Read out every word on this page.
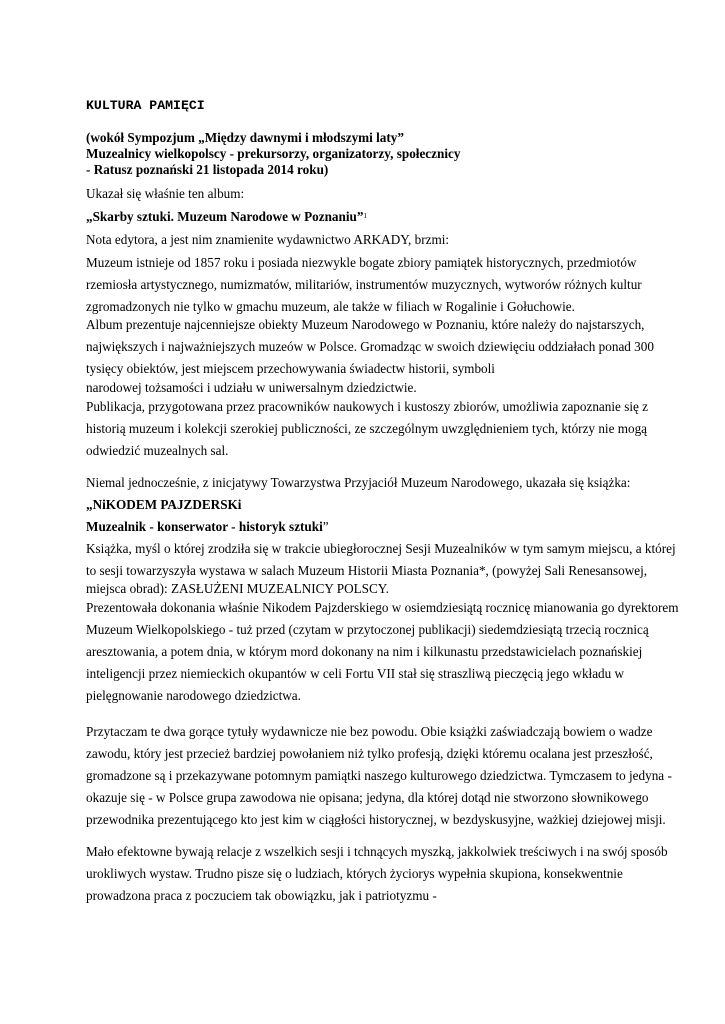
KULTURA PAMIĘCI
(wokół Sympozjum „Między dawnymi i młodszymi laty”
Muzealnicy wielkopolscy - prekursorzy, organizatorzy, społecznicy
- Ratusz poznański 21 listopada 2014 roku)
Ukazał się właśnie ten album:
„Skarby sztuki. Muzeum Narodowe w Poznaniu”$^1$
Nota edytora, a jest nim znamienite wydawnictwo ARKADY, brzmi:
Muzeum istnieje od 1857 roku i posiada niezwykle bogate zbiory pamiątek historycznych, przedmiotów
rzemiosła artystycznego, numizmatów, militariów, instrumentów muzycznych, wytworów różnych kultur
zgromadzonych nie tylko w gmachu muzeum, ale także w filiach w Rogalinie i Gołuchowie.
Album prezentuje najcenniejsze obiekty Muzeum Narodowego w Poznaniu, które należy do najstarszych,
największych i najważniejszych muzeów w Polsce. Gromadząc w swoich dziewięciu oddziałach ponad 300
tysięcy obiektów, jest miejscem przechowywania świadectw historii, symboli
narodowej tożsamości i udziału w uniwersalnym dziedzictwie.
Publikacja, przygotowana przez pracowników naukowych i kustoszy zbiorów, umożliwia zapoznanie się z
historią muzeum i kolekcji szerokiej publiczności, ze szczególnym uwzględnieniem tych, którzy nie mogą
odwiedzić muzealnych sal.
Niemal jednocześnie, z inicjatywy Towarzystwa Przyjaciół Muzeum Narodowego, ukazała się książka:
„NiKODEM PAJZDERSKi
Muzealnik - konserwator - historyk sztuki”
Książka, myśl o której zrodziła się w trakcie ubiegłorocznej Sesji Muzealników w tym samym miejscu, a której
to sesji towarzyszyła wystawa w salach Muzeum Historii Miasta Poznania*, (powyżej Sali Renesansowej,
miejsca obrad): ZASŁUŻENI MUZEALNICY POLSCY.
Prezentowała dokonania właśnie Nikodem Pajzderskiego w osiemdziesiątą rocznicę mianowania go dyrektorem
Muzeum Wielkopolskiego - tuż przed (czytam w przytoczonej publikacji) siedemdziesiątą trzecią rocznicą
aresztowania, a potem dnia, w którym mord dokonany na nim i kilkunastu przedstawicielach poznańskiej
inteligencji przez niemieckich okupantów w celi Fortu VII stał się straszliwą pieczęcią jego wkładu w
pielęgnowanie narodowego dziedzictwa.
Przytaczam te dwa gorące tytuły wydawnicze nie bez powodu. Obie książki zaświadczają bowiem o wadze
zawodu, który jest przecież bardziej powołaniem niż tylko profesją, dzięki któremu ocalana jest przeszłość,
gromadzone są i przekazywane potomnym pamiątki naszego kulturowego dziedzictwa. Tymczasem to jedyna -
okazuje się - w Polsce grupa zawodowa nie opisana; jedyna, dla której dotąd nie stworzono słownikowego
przewodnika prezentującego kto jest kim w ciągłości historycznej, w bezdyskusyjne, ważkiej dziejowej misji.
Mało efektowne bywają relacje z wszelkich sesji i tchnących myszką, jakkolwiek treściwych i na swój sposób
urokliwych wystaw. Trudno pisze się o ludziach, których życiorys wypełnia skupiona, konsekwentnie
prowadzona praca z poczuciem tak obowiązku, jak i patriotyzmu -
